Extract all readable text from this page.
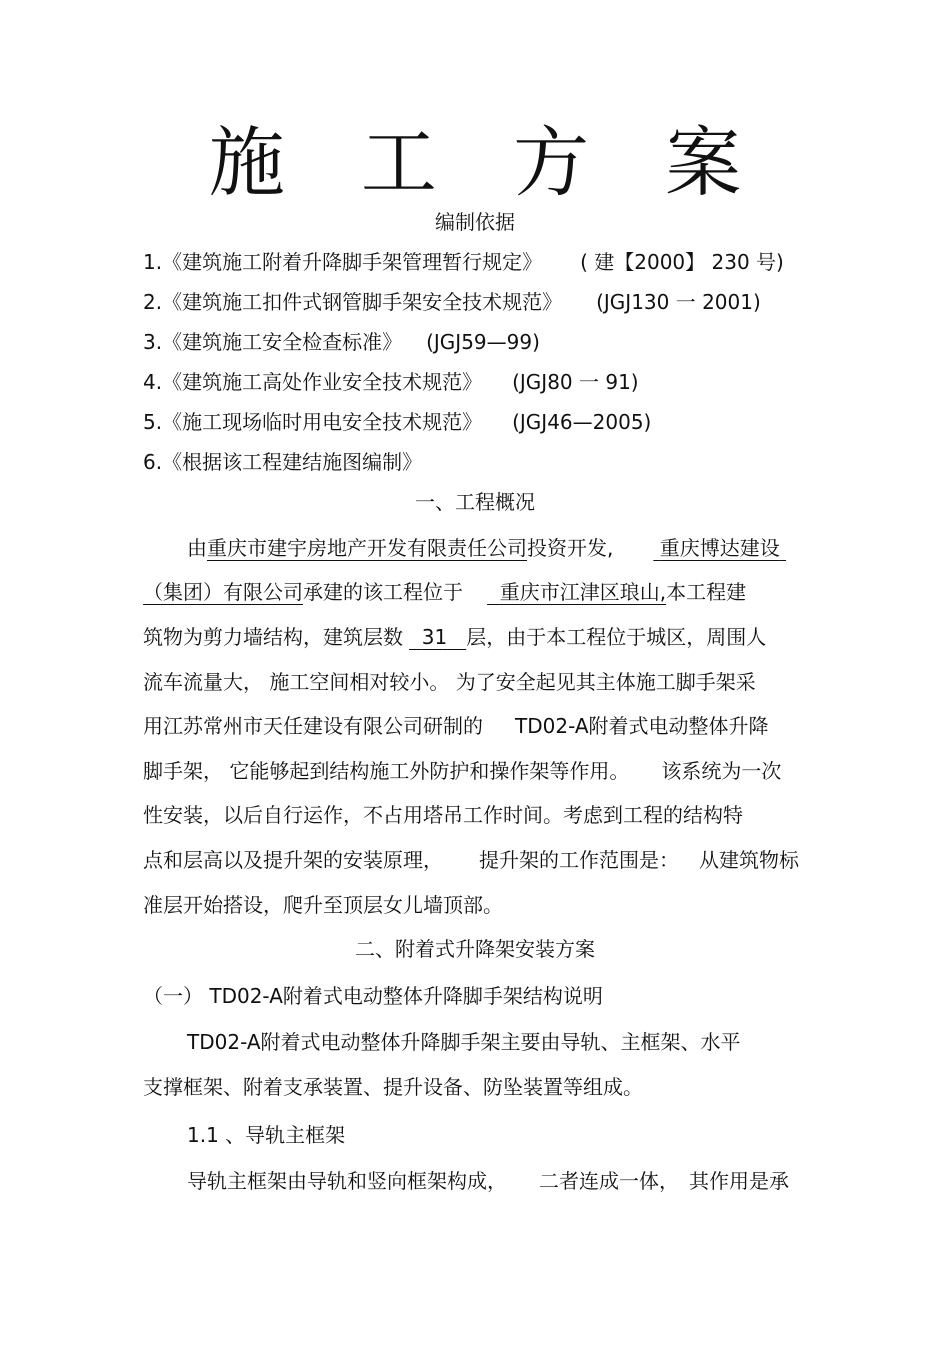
施 工 方 案
编制依据
1.《建筑施工附着升降脚手架管理暂行规定》 ( 建【2000】 230 号)
2.《建筑施工扣件式钢管脚手架安全技术规范》 (JGJ130 一 2001)
3.《建筑施工安全检查标准》 (JGJ59—99)
4.《建筑施工高处作业安全技术规范》 (JGJ80 一 91)
5.《施工现场临时用电安全技术规范》 (JGJ46—2005)
6.《根据该工程建结施图编制》
一、工程概况
由重庆市建宇房地产开发有限责任公司投资开发, 重庆博达建设
（集团）有限公司承建的该工程位于 重庆市江津区琅山,本工程建
筑物为剪力墙结构，建筑层数 31 层，由于本工程位于城区，周围人
流车流量大， 施工空间相对较小。 为了安全起见其主体施工脚手架采
用江苏常州市天任建设有限公司研制的 TD02-A附着式电动整体升降
脚手架， 它能够起到结构施工外防护和操作架等作用。 该系统为一次
性安装，以后自行运作，不占用塔吊工作时间。考虑到工程的结构特
点和层高以及提升架的安装原理， 提升架的工作范围是： 从建筑物标
准层开始搭设，爬升至顶层女儿墙顶部。
二、附着式升降架安装方案
（一） TD02-A附着式电动整体升降脚手架结构说明
TD02-A附着式电动整体升降脚手架主要由导轨、主框架、水平
支撑框架、附着支承装置、提升设备、防坠装置等组成。
1.1 、导轨主框架
导轨主框架由导轨和竖向框架构成， 二者连成一体， 其作用是承
